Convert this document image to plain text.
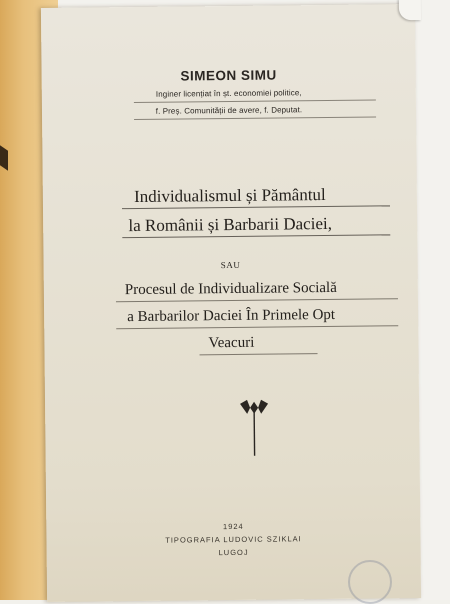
SIMEON SIMU
Inginer licențiat în șt. economiei politice,
f. Preș. Comunității de avere, f. Deputat.
Individualismul și Pământul
la Românii și Barbarii Daciei,
SAU
Procesul de Individualizare Socială
a Barbarilor Daciei În Primele Opt
Veacuri
1924
TIPOGRAFIA LUDOVIC SZIKLAI
LUGOJ
